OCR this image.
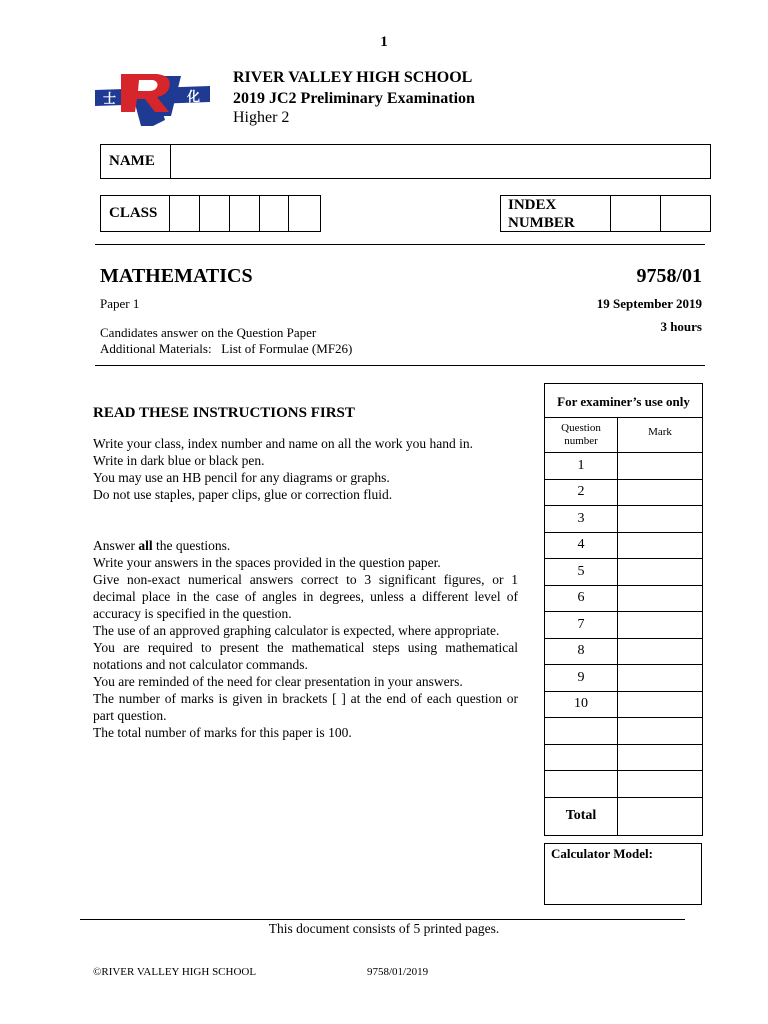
1
士	化
RIVER VALLEY HIGH SCHOOL
2019 JC2 Preliminary Examination
Higher 2
NAME
CLASS	INDEX
NUMBER
MATHEMATICS	9758/01
Paper 1	19 September 2019
3 hours
Candidates answer on the Question Paper
Additional Materials:   List of Formulae (MF26)
READ THESE INSTRUCTIONS FIRST

Write your class, index number and name on all the work you hand in.

Write in dark blue or black pen.

You may use an HB pencil for any diagrams or graphs.

Do not use staples, paper clips, glue or correction fluid.

Answer all the questions.

Write your answers in the spaces provided in the question paper.

Give non-exact numerical answers correct to 3 significant figures, or 1 decimal place in the case of angles in degrees, unless a different level of accuracy is specified in the question.

The use of an approved graphing calculator is expected, where appropriate.

You are required to present the mathematical steps using mathematical notations and not calculator commands.

You are reminded of the need for clear presentation in your answers.

The number of marks is given in brackets [ ] at the end of each question or part question.

The total number of marks for this paper is 100.

For examiner’s use only	
Question number	Mark
1	
2	
3	
4	
5	
6	
7	
8	
9	
10	

Total	
Calculator Model:
This document consists of 5 printed pages.
©RIVER VALLEY HIGH SCHOOL	9758/01/2019
